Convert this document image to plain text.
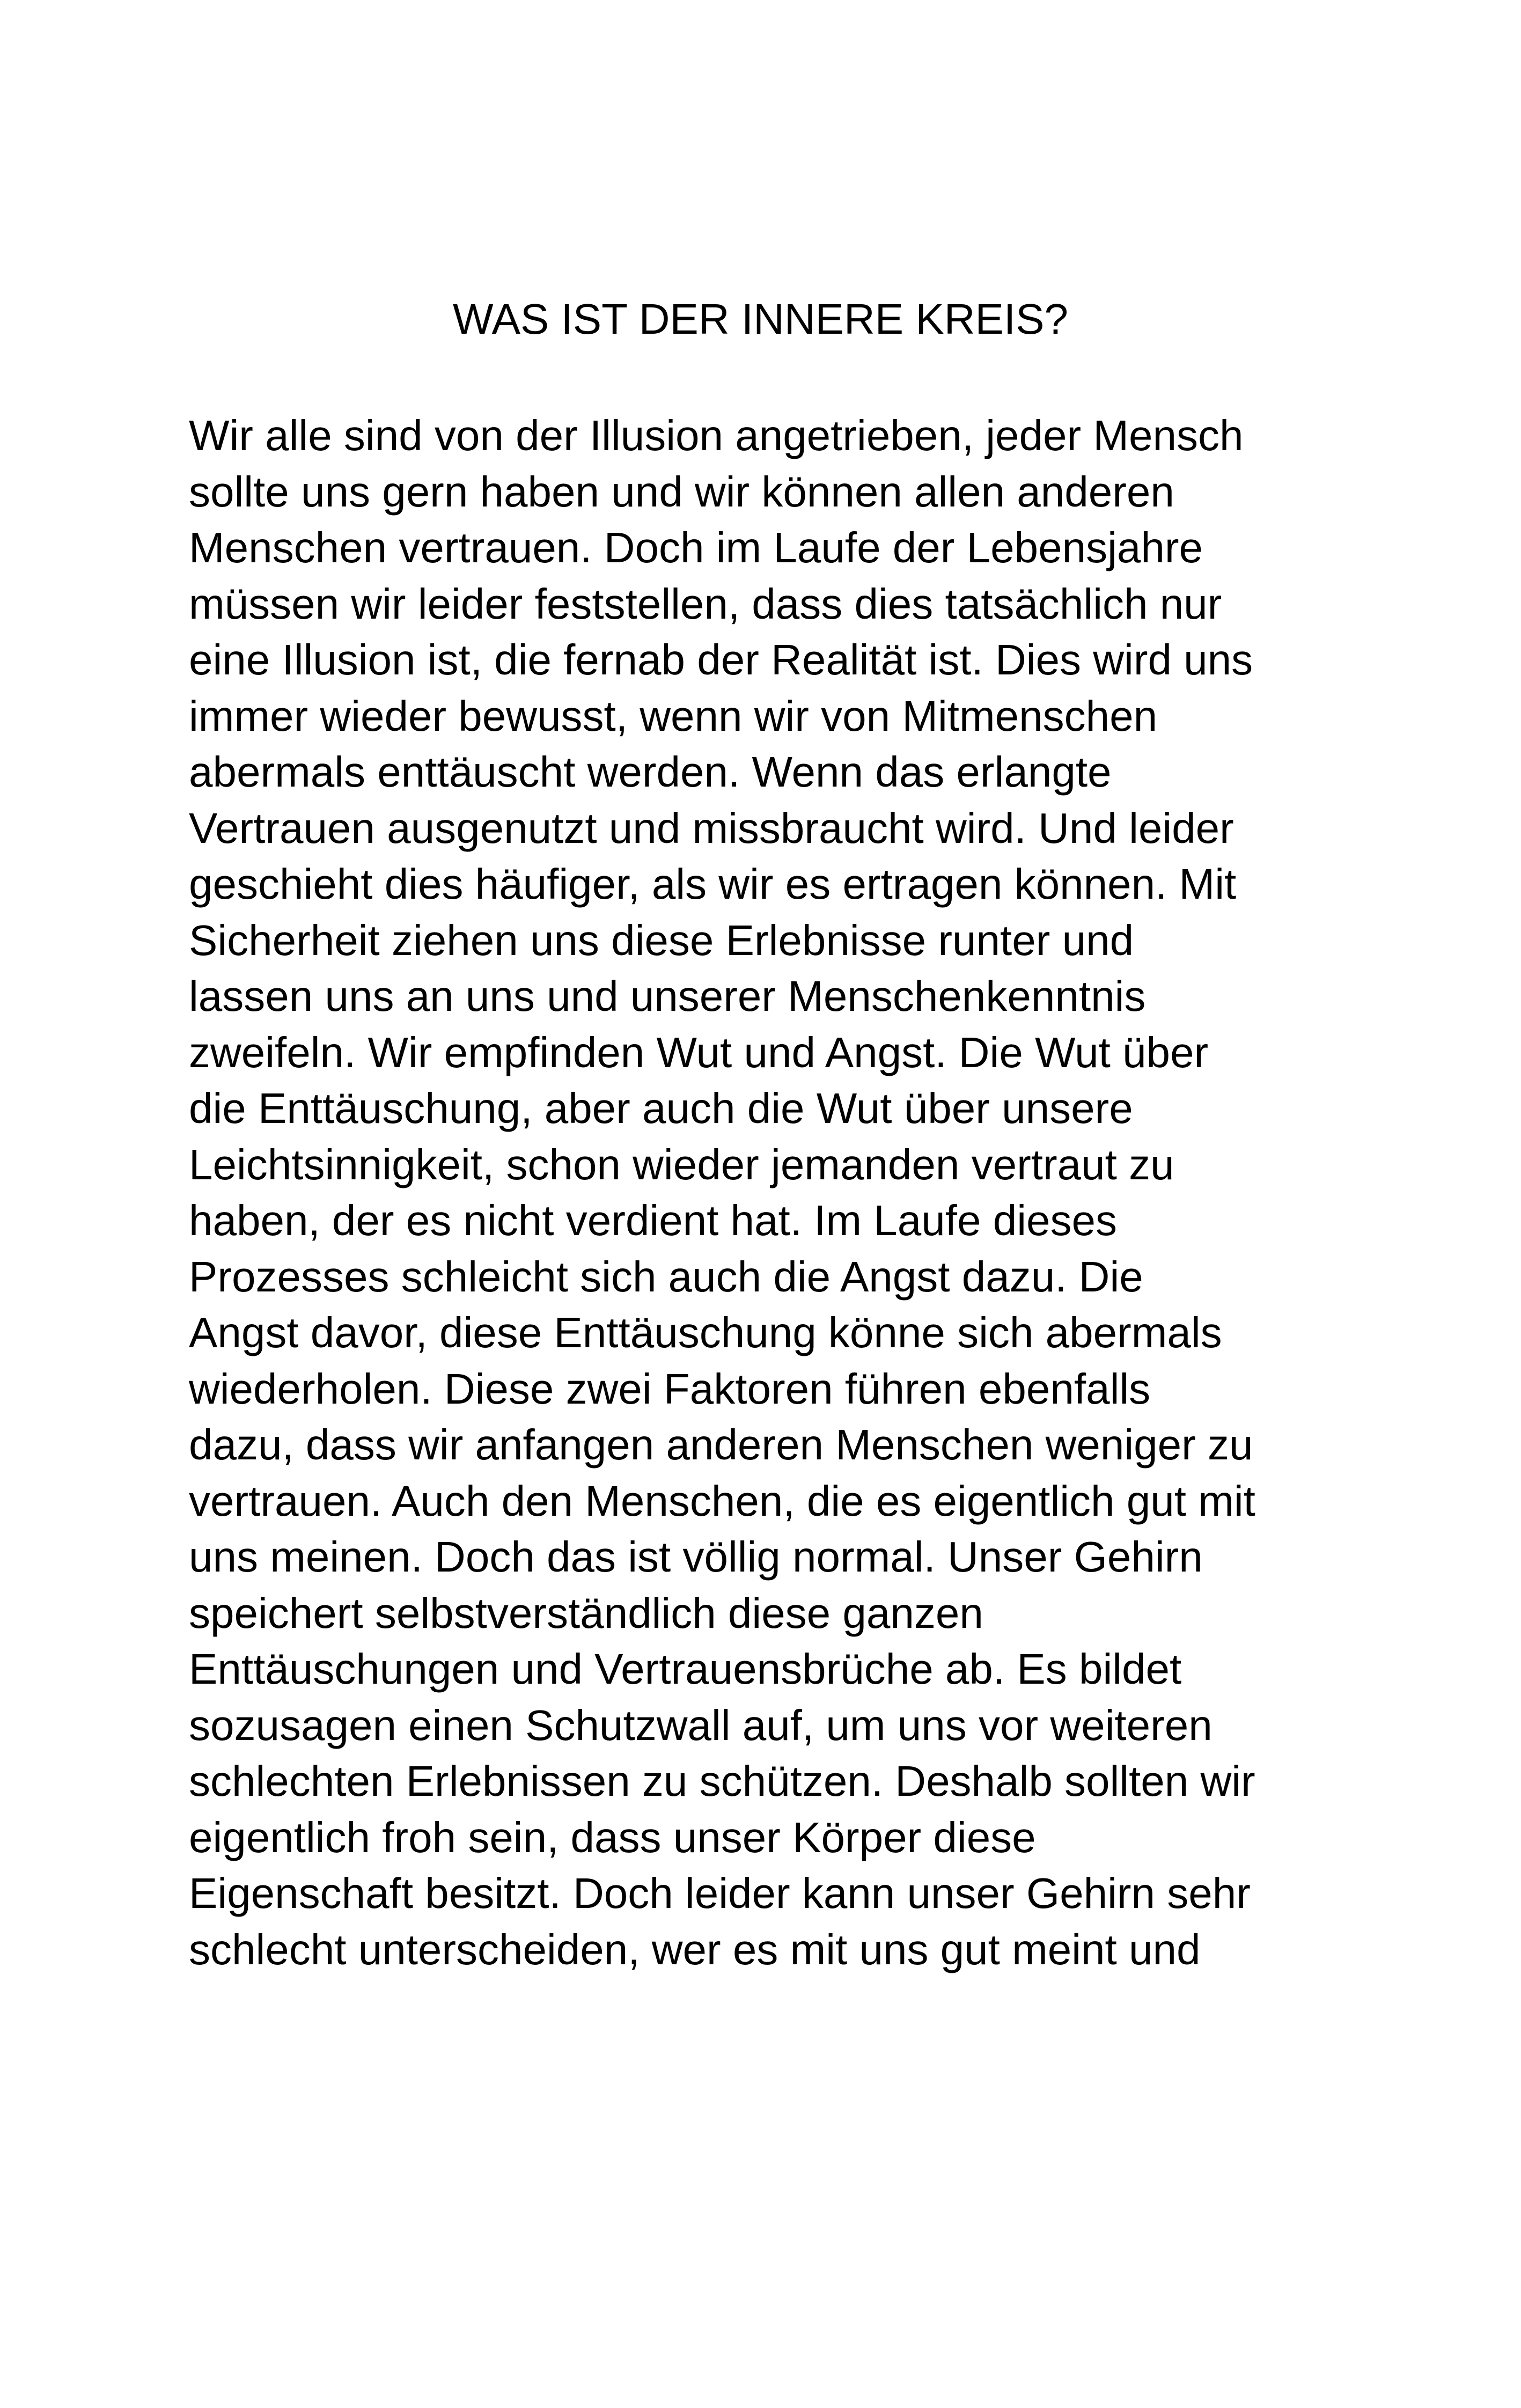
WAS IST DER INNERE KREIS?
Wir alle sind von der Illusion angetrieben, jeder Mensch
sollte uns gern haben und wir können allen anderen
Menschen vertrauen. Doch im Laufe der Lebensjahre
müssen wir leider feststellen, dass dies tatsächlich nur
eine Illusion ist, die fernab der Realität ist. Dies wird uns
immer wieder bewusst, wenn wir von Mitmenschen
abermals enttäuscht werden. Wenn das erlangte
Vertrauen ausgenutzt und missbraucht wird. Und leider
geschieht dies häufiger, als wir es ertragen können. Mit
Sicherheit ziehen uns diese Erlebnisse runter und
lassen uns an uns und unserer Menschenkenntnis
zweifeln. Wir empfinden Wut und Angst. Die Wut über
die Enttäuschung, aber auch die Wut über unsere
Leichtsinnigkeit, schon wieder jemanden vertraut zu
haben, der es nicht verdient hat. Im Laufe dieses
Prozesses schleicht sich auch die Angst dazu. Die
Angst davor, diese Enttäuschung könne sich abermals
wiederholen. Diese zwei Faktoren führen ebenfalls
dazu, dass wir anfangen anderen Menschen weniger zu
vertrauen. Auch den Menschen, die es eigentlich gut mit
uns meinen. Doch das ist völlig normal. Unser Gehirn
speichert selbstverständlich diese ganzen
Enttäuschungen und Vertrauensbrüche ab. Es bildet
sozusagen einen Schutzwall auf, um uns vor weiteren
schlechten Erlebnissen zu schützen. Deshalb sollten wir
eigentlich froh sein, dass unser Körper diese
Eigenschaft besitzt. Doch leider kann unser Gehirn sehr
schlecht unterscheiden, wer es mit uns gut meint und
